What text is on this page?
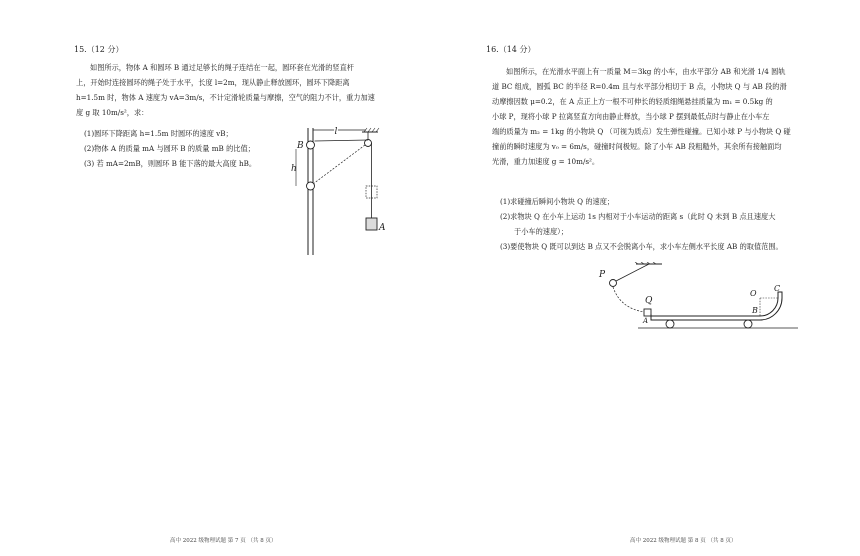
15.（12 分）
如图所示，物体 A 和圆环 B 通过足够长的绳子连结在一起，圆环套在光滑的竖直杆
上，开始时连接圆环的绳子处于水平，长度 l=2m，现从静止释放圆环，圆环下降距离
h=1.5m 时，物体 A 速度为 vA=3m/s，不计定滑轮质量与摩擦，空气的阻力不计，重力加速
度 g 取 10m/s²，求：
(1)圆环下降距离 h=1.5m 时圆环的速度 vB；
(2)物体 A 的质量 mA 与圆环 B 的质量 mB 的比值；
(3) 若 mA=2mB，则圆环 B 能下落的最大高度 hB。
l
B
h
A
高中 2022 级物理试题 第 7 页 （共 8 页）
16.（14 分）
如图所示，在光滑水平面上有一质量 M＝3kg 的小车，由水平部分 AB 和光滑 1/4 圆轨
道 BC 组成，圆弧 BC 的半径 R=0.4m 且与水平部分相切于 B 点，小物块 Q 与 AB 段的滑
动摩擦因数 μ=0.2，在 A 点正上方一根不可伸长的轻质细绳悬挂质量为 m₁ = 0.5kg 的
小球 P，现将小球 P 拉离竖直方向由静止释放，当小球 P 摆到最低点时与静止在小车左
端的质量为 m₂ = 1kg 的小物块 Q （可视为质点）发生弹性碰撞。已知小球 P 与小物块 Q 碰
撞前的瞬时速度为 v₀ = 6m/s，碰撞时间极短。除了小车 AB 段粗糙外，其余所有接触面均
光滑，重力加速度 g = 10m/s²。
(1)求碰撞后瞬间小物块 Q 的速度；
(2)求物块 Q 在小车上运动 1s 内相对于小车运动的距离 s（此时 Q 未到 B 点且速度大
于小车的速度）；
(3)要使物块 Q 既可以到达 B 点又不会脱离小车，求小车左侧水平长度 AB 的取值范围。
P
Q
A
O
C
B
高中 2022 级物理试题 第 8 页 （共 8 页）
